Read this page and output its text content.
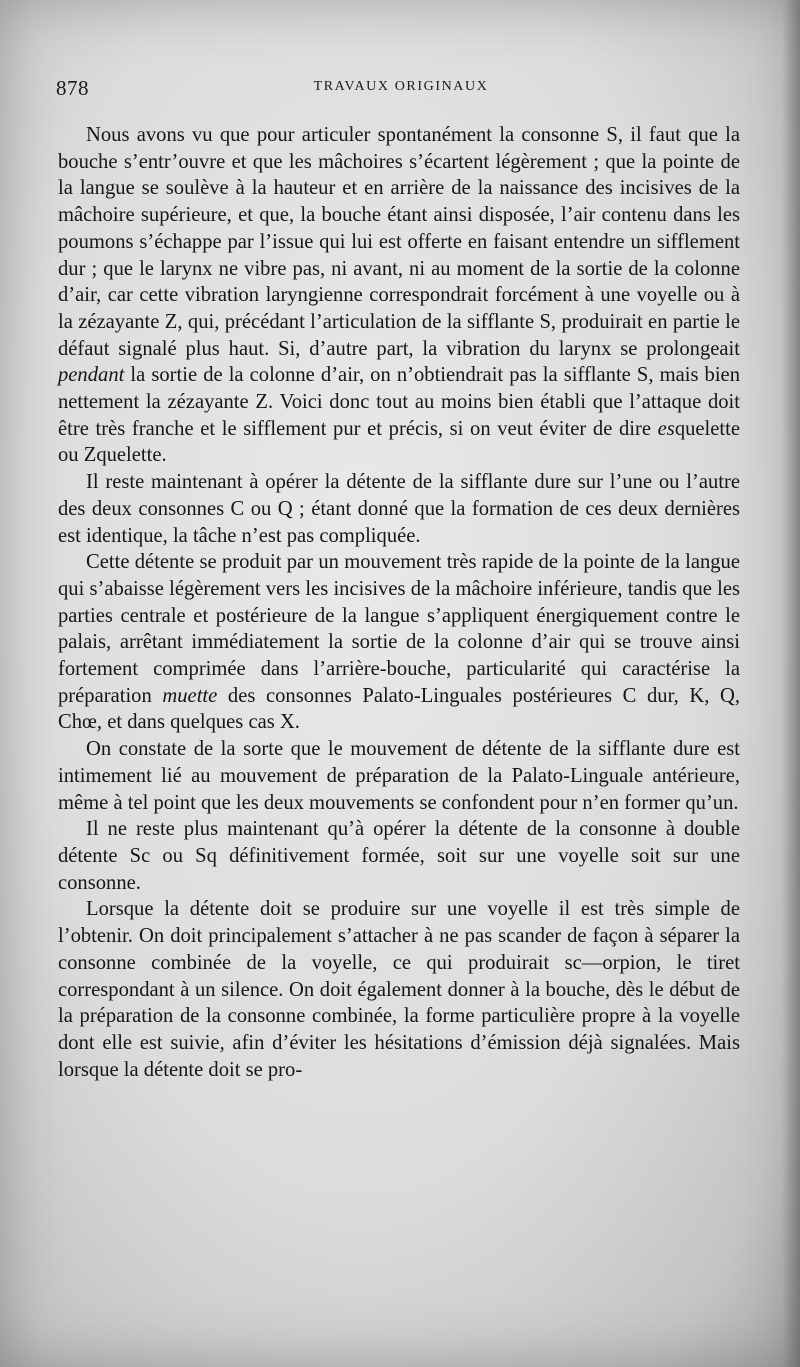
878	TRAVAUX ORIGINAUX

Nous avons vu que pour articuler spontanément la consonne S, il faut que la bouche s’entr’ouvre et que les mâchoires s’écartent légèrement ; que la pointe de la langue se soulève à la hauteur et en arrière de la naissance des incisives de la mâchoire supérieure, et que, la bouche étant ainsi disposée, l’air contenu dans les poumons s’échappe par l’issue qui lui est offerte en faisant entendre un sifflement dur ; que le larynx ne vibre pas, ni avant, ni au moment de la sortie de la colonne d’air, car cette vibration laryngienne correspondrait forcément à une voyelle ou à la zézayante Z, qui, précédant l’articulation de la sifflante S, produirait en partie le défaut signalé plus haut. Si, d’autre part, la vibration du larynx se prolongeait pendant la sortie de la colonne d’air, on n’obtiendrait pas la sifflante S, mais bien nettement la zézayante Z. Voici donc tout au moins bien établi que l’attaque doit être très franche et le sifflement pur et précis, si on veut éviter de dire esquelette ou Zquelette.

Il reste maintenant à opérer la détente de la sifflante dure sur l’une ou l’autre des deux consonnes C ou Q ; étant donné que la formation de ces deux dernières est identique, la tâche n’est pas compliquée.

Cette détente se produit par un mouvement très rapide de la pointe de la langue qui s’abaisse légèrement vers les incisives de la mâchoire inférieure, tandis que les parties centrale et postérieure de la langue s’appliquent énergiquement contre le palais, arrêtant immédiatement la sortie de la colonne d’air qui se trouve ainsi fortement comprimée dans l’arrière-bouche, particularité qui caractérise la préparation muette des consonnes Palato-Linguales postérieures C dur, K, Q, Chœ, et dans quelques cas X.

On constate de la sorte que le mouvement de détente de la sifflante dure est intimement lié au mouvement de préparation de la Palato-Linguale antérieure, même à tel point que les deux mouvements se confondent pour n’en former qu’un.

Il ne reste plus maintenant qu’à opérer la détente de la consonne à double détente Sc ou Sq définitivement formée, soit sur une voyelle soit sur une consonne.

Lorsque la détente doit se produire sur une voyelle il est très simple de l’obtenir. On doit principalement s’attacher à ne pas scander de façon à séparer la consonne combinée de la voyelle, ce qui produirait sc—orpion, le tiret correspondant à un silence. On doit également donner à la bouche, dès le début de la préparation de la consonne combinée, la forme particulière propre à la voyelle dont elle est suivie, afin d’éviter les hésitations d’émission déjà signalées. Mais lorsque la détente doit se pro-
